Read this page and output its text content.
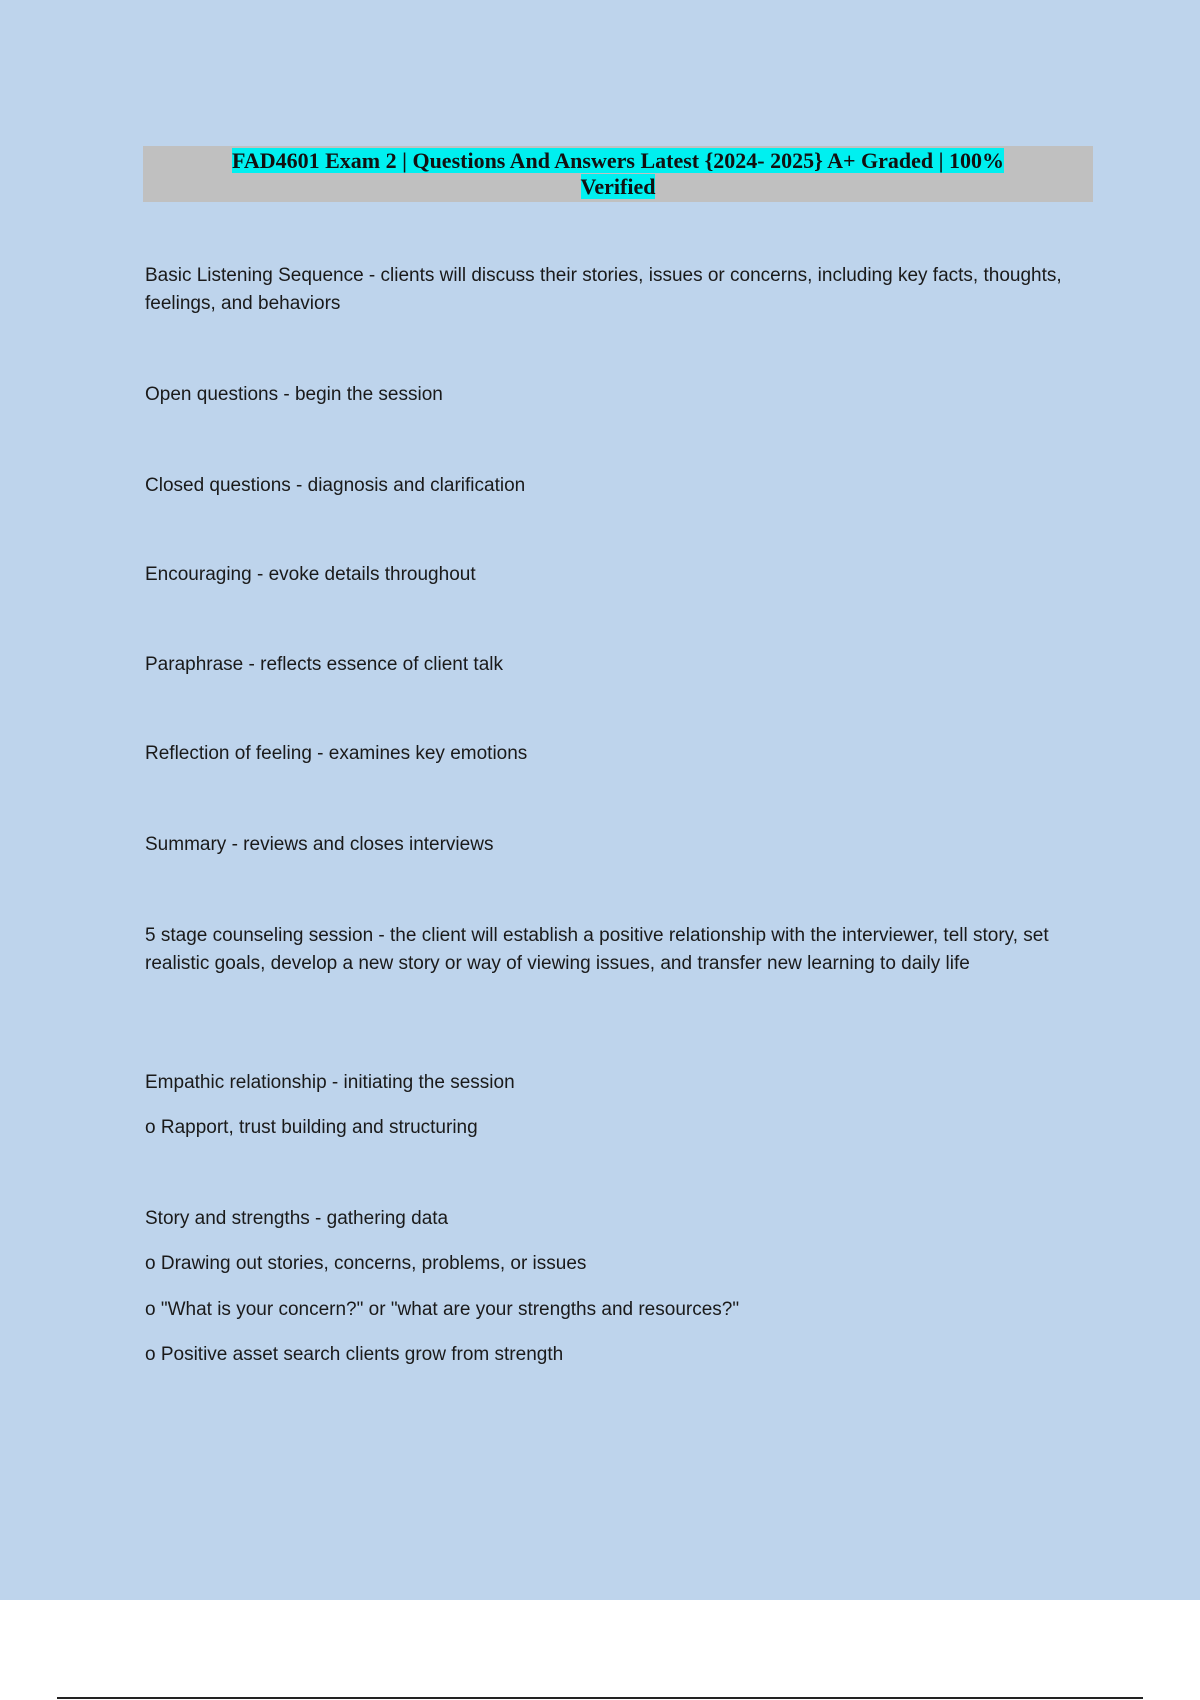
FAD4601 Exam 2 | Questions And Answers Latest {2024- 2025} A+ Graded | 100%
Verified

Basic Listening Sequence - clients will discuss their stories, issues or concerns, including key facts, thoughts, feelings, and behaviors

Open questions - begin the session

Closed questions - diagnosis and clarification

Encouraging - evoke details throughout

Paraphrase - reflects essence of client talk

Reflection of feeling - examines key emotions

Summary - reviews and closes interviews

5 stage counseling session - the client will establish a positive relationship with the interviewer, tell story, set realistic goals, develop a new story or way of viewing issues, and transfer new learning to daily life

Empathic relationship - initiating the session

o Rapport, trust building and structuring

Story and strengths - gathering data

o Drawing out stories, concerns, problems, or issues

o "What is your concern?" or "what are your strengths and resources?"

o Positive asset search clients grow from strength
